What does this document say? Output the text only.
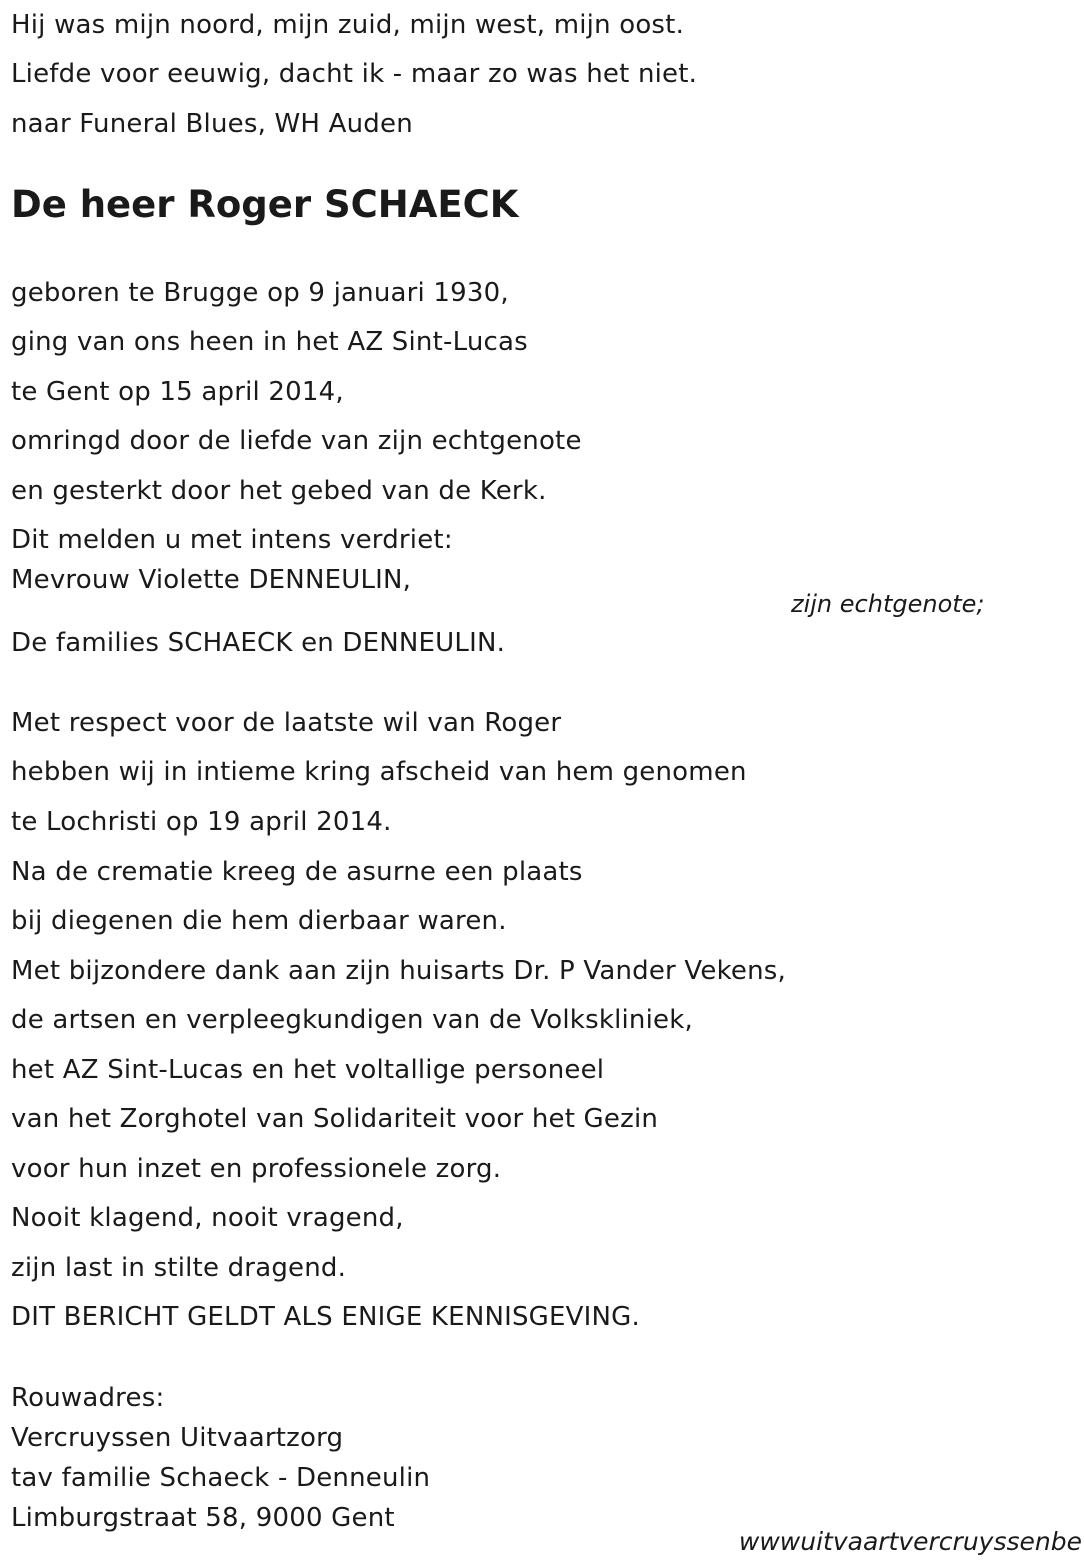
Hij was mijn noord, mijn zuid, mijn west, mijn oost.
Liefde voor eeuwig, dacht ik - maar zo was het niet.
naar Funeral Blues, WH Auden
De heer Roger SCHAECK
geboren te Brugge op 9 januari 1930,
ging van ons heen in het AZ Sint-Lucas
te Gent op 15 april 2014,
omringd door de liefde van zijn echtgenote
en gesterkt door het gebed van de Kerk.
Dit melden u met intens verdriet:
Mevrouw Violette DENNEULIN,
zijn echtgenote;
De families SCHAECK en DENNEULIN.
Met respect voor de laatste wil van Roger
hebben wij in intieme kring afscheid van hem genomen
te Lochristi op 19 april 2014.
Na de crematie kreeg de asurne een plaats
bij diegenen die hem dierbaar waren.
Met bijzondere dank aan zijn huisarts Dr. P Vander Vekens,
de artsen en verpleegkundigen van de Volkskliniek,
het AZ Sint-Lucas en het voltallige personeel
van het Zorghotel van Solidariteit voor het Gezin
voor hun inzet en professionele zorg.
Nooit klagend, nooit vragend,
zijn last in stilte dragend.
DIT BERICHT GELDT ALS ENIGE KENNISGEVING.
Rouwadres:
Vercruyssen Uitvaartzorg
tav familie Schaeck - Denneulin
Limburgstraat 58, 9000 Gent
wwwuitvaartvercruyssenbe
